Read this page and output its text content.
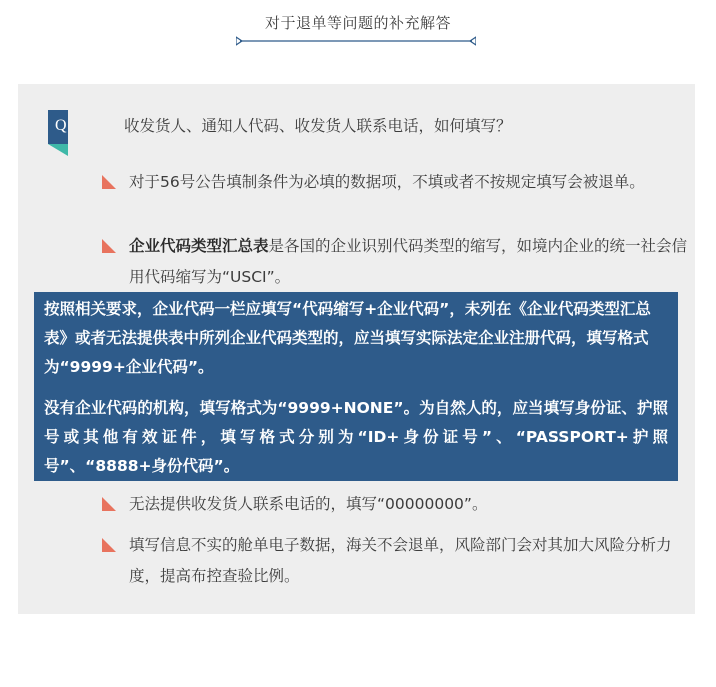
对于退单等问题的补充解答
Q	收发货人、通知人代码、收发货人联系电话，如何填写？
对于56号公告填制条件为必填的数据项，不填或者不按规定填写会被退单。
企业代码类型汇总表是各国的企业识别代码类型的缩写，如境内企业的统一社会信用代码缩写为“USCI”。
按照相关要求，企业代码一栏应填写“代码缩写+企业代码”，未列在《企业代码类型汇总表》或者无法提供表中所列企业代码类型的，应当填写实际法定企业注册代码，填写格式为“9999+企业代码”。
没有企业代码的机构，填写格式为“9999+NONE”。为自然人的，应当填写身份证、护照号或其他有效证件，填写格式分别为“ID+身份证号”、“PASSPORT+护照号”、“8888+身份代码”。
无法提供收发货人联系电话的，填写“00000000”。
填写信息不实的舱单电子数据，海关不会退单，风险部门会对其加大风险分析力度，提高布控查验比例。
